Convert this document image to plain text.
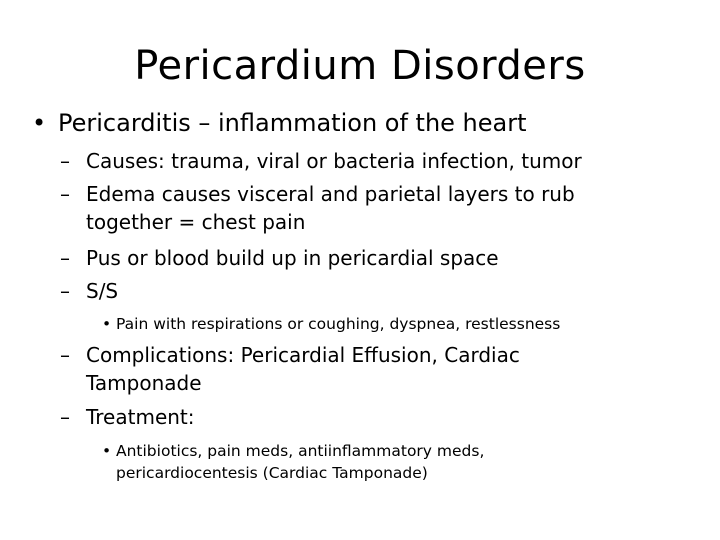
Pericardium Disorders
• Pericarditis – inflammation of the heart
– Causes: trauma, viral or bacteria infection, tumor
– Edema causes visceral and parietal layers to rub
together = chest pain
– Pus or blood build up in pericardial space
– S/S
• Pain with respirations or coughing, dyspnea, restlessness
– Complications: Pericardial Effusion, Cardiac
Tamponade
– Treatment:
• Antibiotics, pain meds, antiinflammatory meds,
pericardiocentesis (Cardiac Tamponade)
